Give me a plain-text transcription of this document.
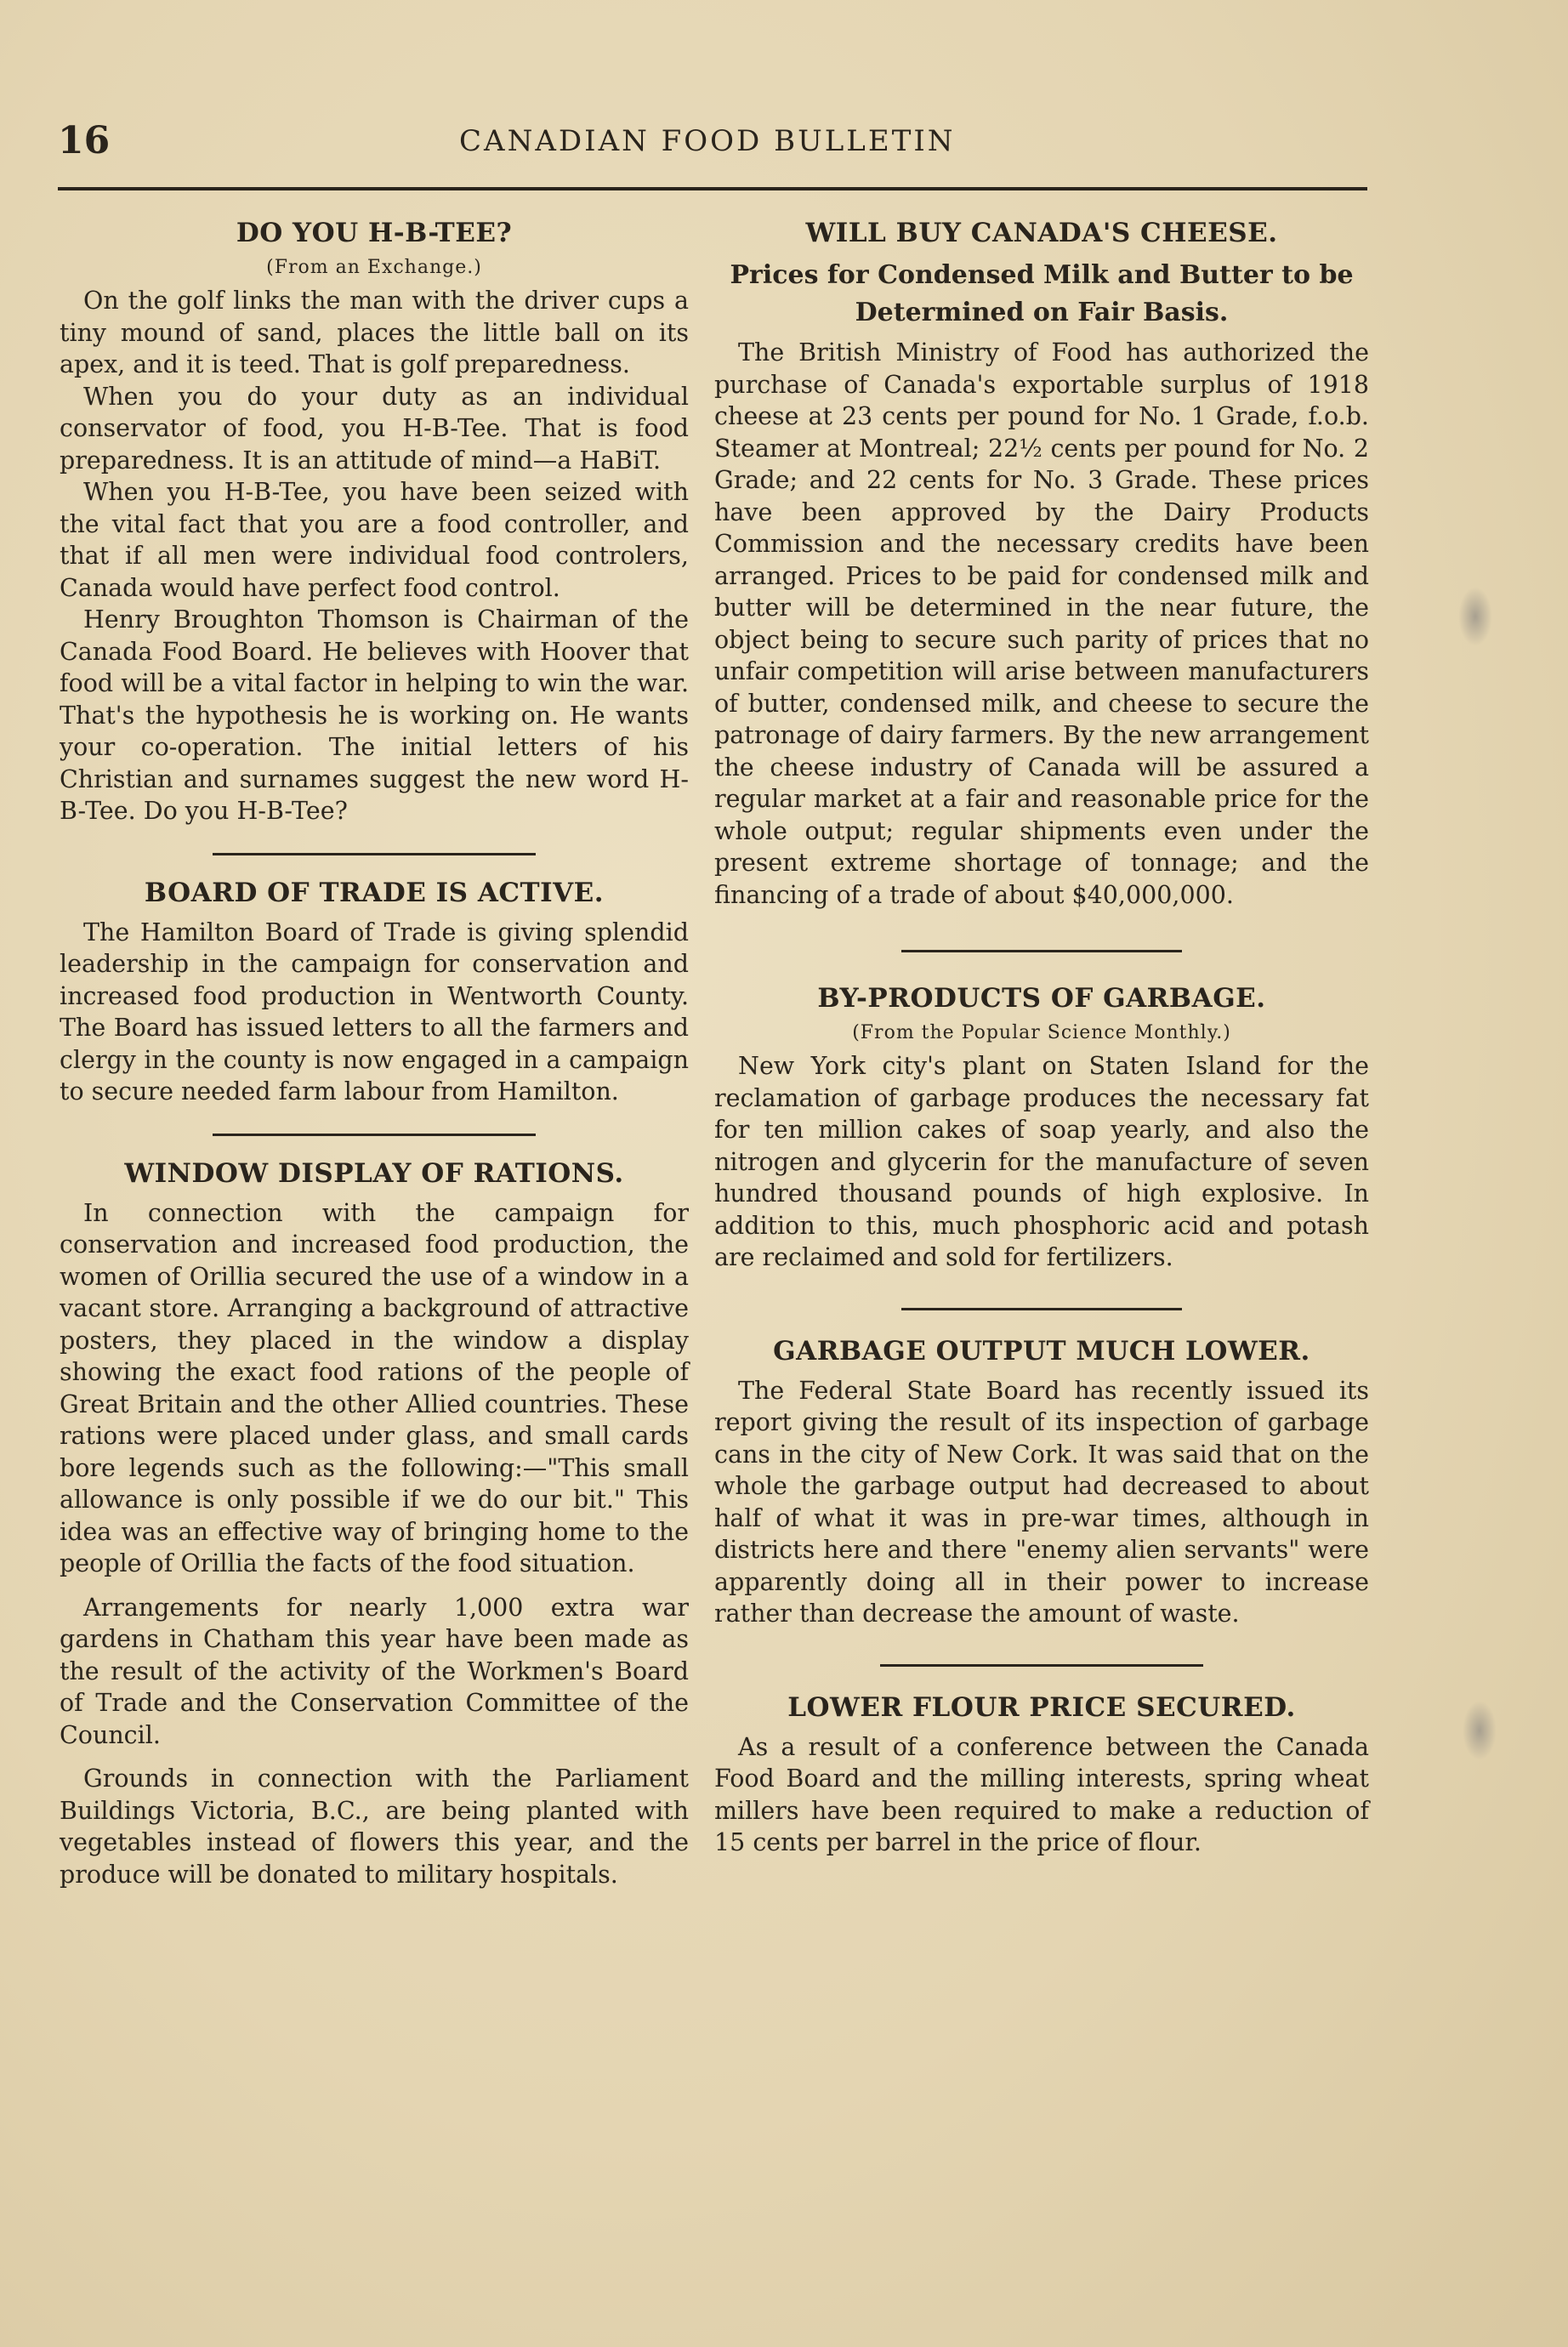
16	CANADIAN FOOD BULLETIN
DO YOU H-B-TEE?
(From an Exchange.)

On the golf links the man with the driver cups a tiny mound of sand, places the little ball on its apex, and it is teed. That is golf preparedness.

When you do your duty as an individual conservator of food, you H-B-Tee. That is food preparedness. It is an attitude of mind—a HaBiT.

When you H-B-Tee, you have been seized with the vital fact that you are a food controller, and that if all men were individual food controlers, Canada would have perfect food control.

Henry Broughton Thomson is Chairman of the Canada Food Board. He believes with Hoover that food will be a vital factor in helping to win the war. That's the hypothesis he is working on. He wants your co-operation. The initial letters of his Christian and surnames suggest the new word H-B-Tee. Do you H-B-Tee?

BOARD OF TRADE IS ACTIVE.

The Hamilton Board of Trade is giving splendid leadership in the campaign for conservation and increased food production in Wentworth County. The Board has issued letters to all the farmers and clergy in the county is now engaged in a campaign to secure needed farm labour from Hamilton.

WINDOW DISPLAY OF RATIONS.

In connection with the campaign for conservation and increased food production, the women of Orillia secured the use of a window in a vacant store. Arranging a background of attractive posters, they placed in the window a display showing the exact food rations of the people of Great Britain and the other Allied countries. These rations were placed under glass, and small cards bore legends such as the following:—"This small allowance is only possible if we do our bit." This idea was an effective way of bringing home to the people of Orillia the facts of the food situation.

Arrangements for nearly 1,000 extra war gardens in Chatham this year have been made as the result of the activity of the Workmen's Board of Trade and the Conservation Committee of the Council.

Grounds in connection with the Parliament Buildings Victoria, B.C., are being planted with vegetables instead of flowers this year, and the produce will be donated to military hospitals.

WILL BUY CANADA'S CHEESE.
Prices for Condensed Milk and Butter to be Determined on Fair Basis.

The British Ministry of Food has authorized the purchase of Canada's exportable surplus of 1918 cheese at 23 cents per pound for No. 1 Grade, f.o.b. Steamer at Montreal; 22½ cents per pound for No. 2 Grade; and 22 cents for No. 3 Grade. These prices have been approved by the Dairy Products Commission and the necessary credits have been arranged. Prices to be paid for condensed milk and butter will be determined in the near future, the object being to secure such parity of prices that no unfair competition will arise between manufacturers of butter, condensed milk, and cheese to secure the patronage of dairy farmers. By the new arrangement the cheese industry of Canada will be assured a regular market at a fair and reasonable price for the whole output; regular shipments even under the present extreme shortage of tonnage; and the financing of a trade of about $40,000,000.

BY-PRODUCTS OF GARBAGE.
(From the Popular Science Monthly.)

New York city's plant on Staten Island for the reclamation of garbage produces the necessary fat for ten million cakes of soap yearly, and also the nitrogen and glycerin for the manufacture of seven hundred thousand pounds of high explosive. In addition to this, much phosphoric acid and potash are reclaimed and sold for fertilizers.

GARBAGE OUTPUT MUCH LOWER.

The Federal State Board has recently issued its report giving the result of its inspection of garbage cans in the city of New Cork. It was said that on the whole the garbage output had decreased to about half of what it was in pre-war times, although in districts here and there "enemy alien servants" were apparently doing all in their power to increase rather than decrease the amount of waste.

LOWER FLOUR PRICE SECURED.

As a result of a conference between the Canada Food Board and the milling interests, spring wheat millers have been required to make a reduction of 15 cents per barrel in the price of flour.
